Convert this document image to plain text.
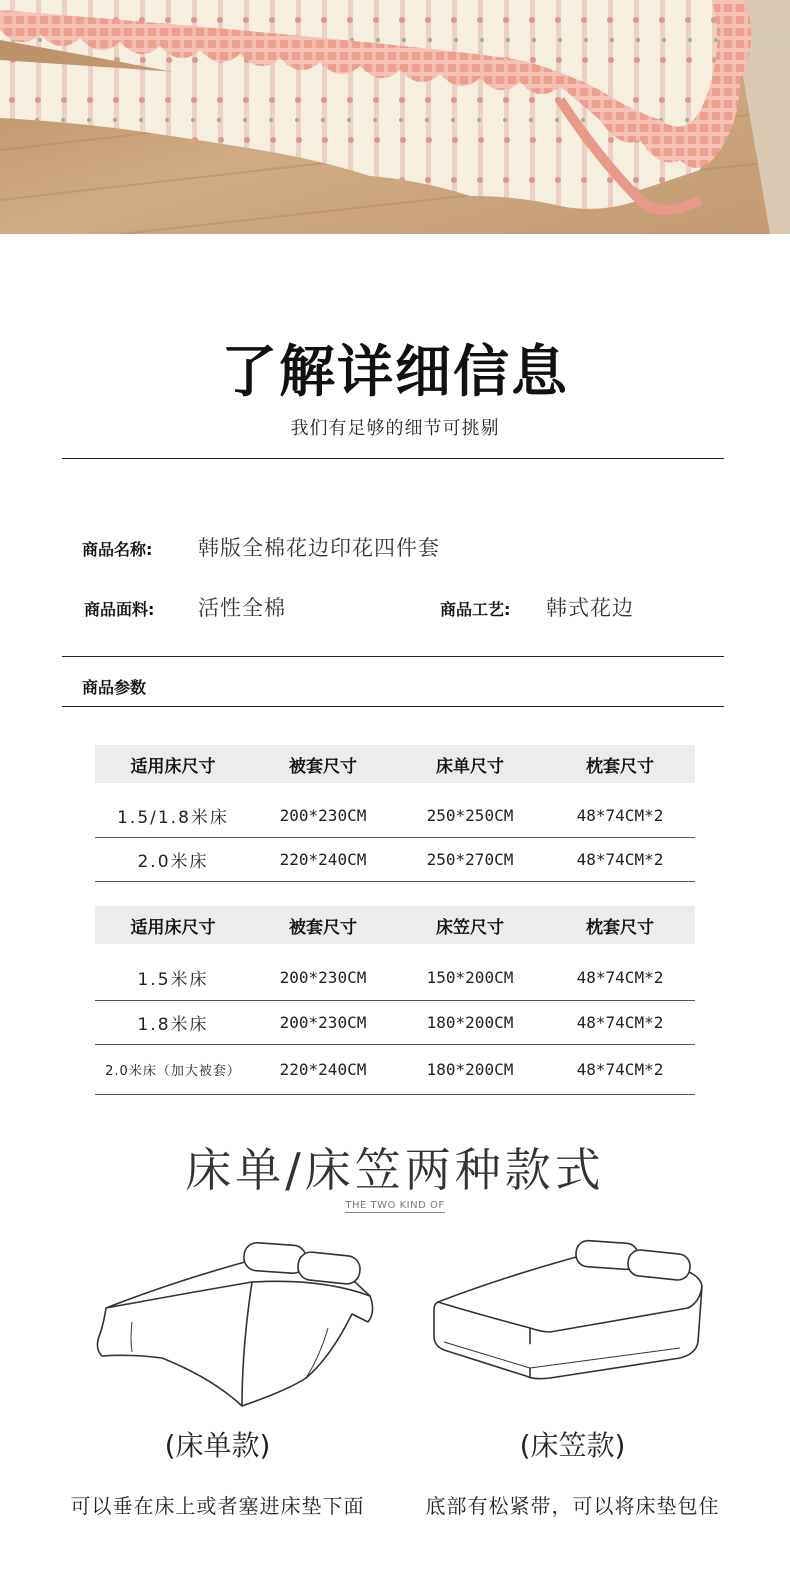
了解详细信息
我们有足够的细节可挑剔
商品名称: 韩版全棉花边印花四件套
商品面料: 活性全棉	商品工艺: 韩式花边
商品参数
适用床尺寸	被套尺寸	床单尺寸	枕套尺寸

1.5/1.8米床	200*230CM	250*250CM	48*74CM*2
2.0米床	220*240CM	250*270CM	48*74CM*2
适用床尺寸	被套尺寸	床笠尺寸	枕套尺寸

1.5米床	200*230CM	150*200CM	48*74CM*2
1.8米床	200*230CM	180*200CM	48*74CM*2
2.0米床（加大被套）	220*240CM	180*200CM	48*74CM*2
床单/床笠两种款式
THE TWO KIND OF
(床单款)	(床笠款)
可以垂在床上或者塞进床垫下面	底部有松紧带，可以将床垫包住
